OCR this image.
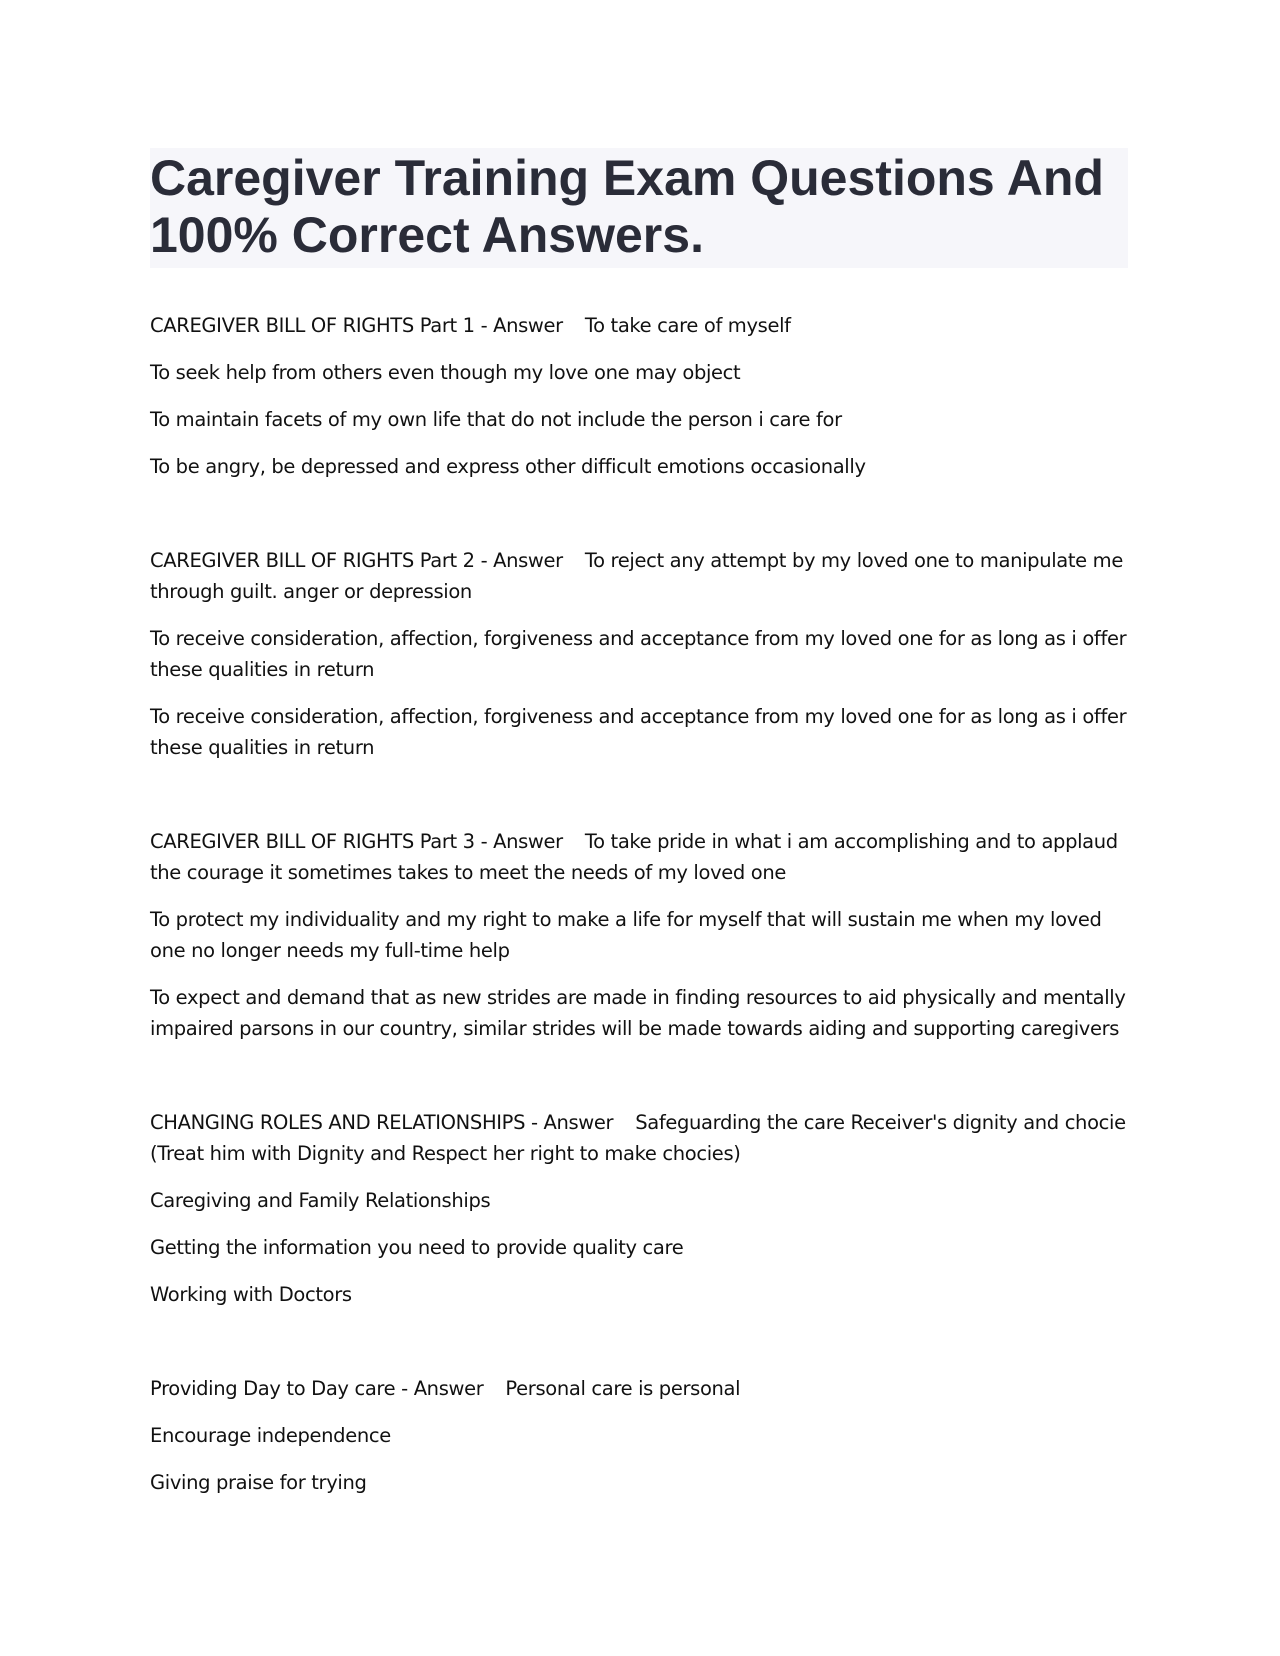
Caregiver Training Exam Questions And 100% Correct Answers.

CAREGIVER BILL OF RIGHTS Part 1 - Answer To take care of myself

To seek help from others even though my love one may object

To maintain facets of my own life that do not include the person i care for

To be angry, be depressed and express other difficult emotions occasionally

CAREGIVER BILL OF RIGHTS Part 2 - Answer To reject any attempt by my loved one to manipulate me through guilt. anger or depression

To receive consideration, affection, forgiveness and acceptance from my loved one for as long as i offer these qualities in return

To receive consideration, affection, forgiveness and acceptance from my loved one for as long as i offer these qualities in return

CAREGIVER BILL OF RIGHTS Part 3 - Answer To take pride in what i am accomplishing and to applaud the courage it sometimes takes to meet the needs of my loved one

To protect my individuality and my right to make a life for myself that will sustain me when my loved one no longer needs my full-time help

To expect and demand that as new strides are made in finding resources to aid physically and mentally impaired parsons in our country, similar strides will be made towards aiding and supporting caregivers

CHANGING ROLES AND RELATIONSHIPS - Answer Safeguarding the care Receiver's dignity and chocie (Treat him with Dignity and Respect her right to make chocies)

Caregiving and Family Relationships

Getting the information you need to provide quality care

Working with Doctors

Providing Day to Day care - Answer Personal care is personal

Encourage independence

Giving praise for trying
